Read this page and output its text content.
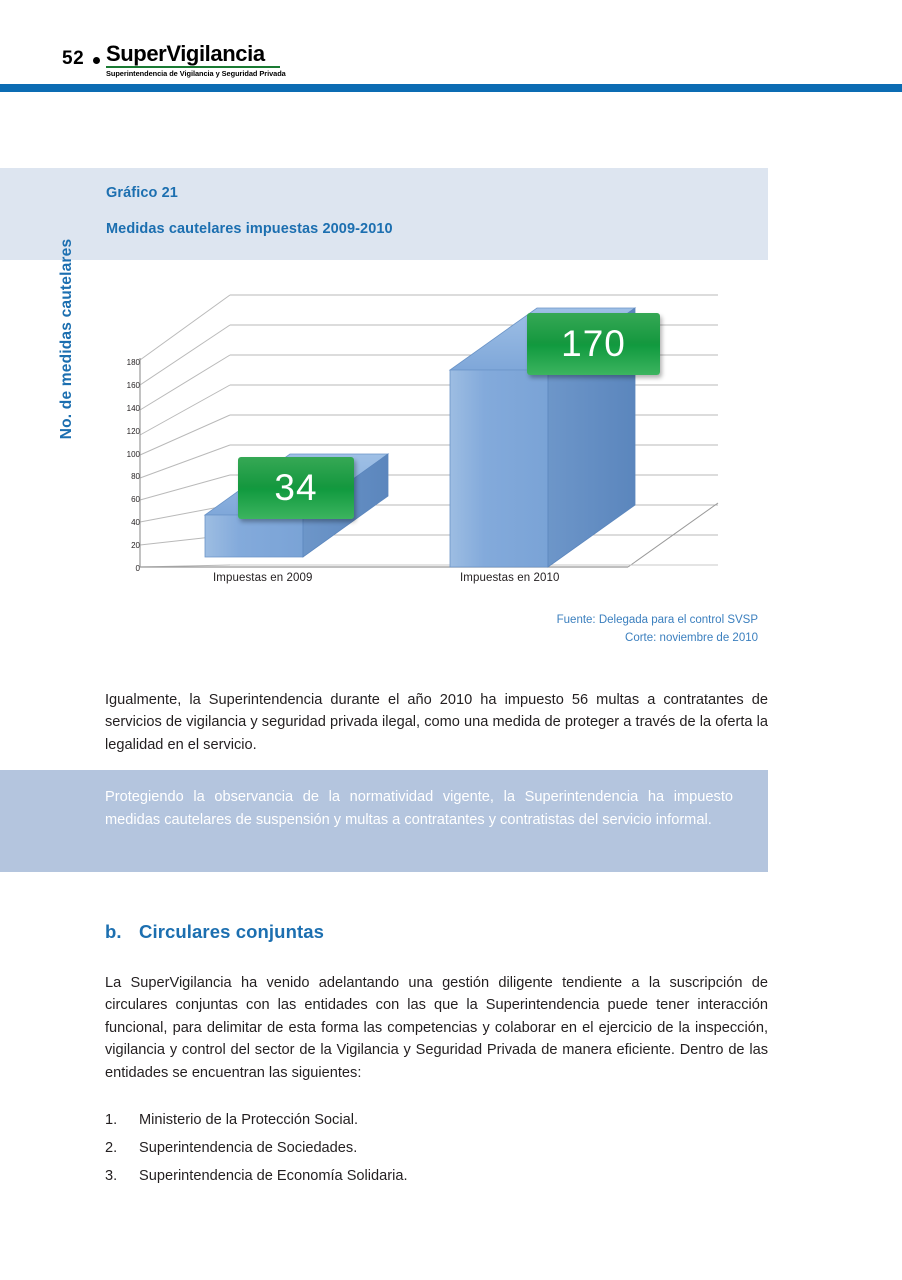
52 SuperVigilancia
Superintendencia de Vigilancia y Seguridad Privada
Gráfico 21
Medidas cautelares impuestas 2009-2010
No. de medidas cautelares	180
160
140
120
100
80
60
40
20
0
34
170
Impuestas en 2009	Impuestas en 2010
Fuente: Delegada para el control SVSP
Corte: noviembre de 2010

Igualmente, la Superintendencia durante el año 2010 ha impuesto 56 multas a contratantes de servicios de vigilancia y seguridad privada ilegal, como una medida de proteger a través de la oferta la legalidad en el servicio.

Protegiendo la observancia de la normatividad vigente, la Superintendencia ha impuesto medidas cautelares de suspensión y multas a contratantes y contratistas del servicio informal.
b. Circulares conjuntas

La SuperVigilancia ha venido adelantando una gestión diligente tendiente a la suscripción de circulares conjuntas con las entidades con las que la Superintendencia puede tener interacción funcional, para delimitar de esta forma las competencias y colaborar en el ejercicio de la inspección, vigilancia y control del sector de la Vigilancia y Seguridad Privada de manera eficiente. Dentro de las entidades se encuentran las siguientes:

1.	Ministerio de la Protección Social.
2.	Superintendencia de Sociedades.
3.	Superintendencia de Economía Solidaria.
